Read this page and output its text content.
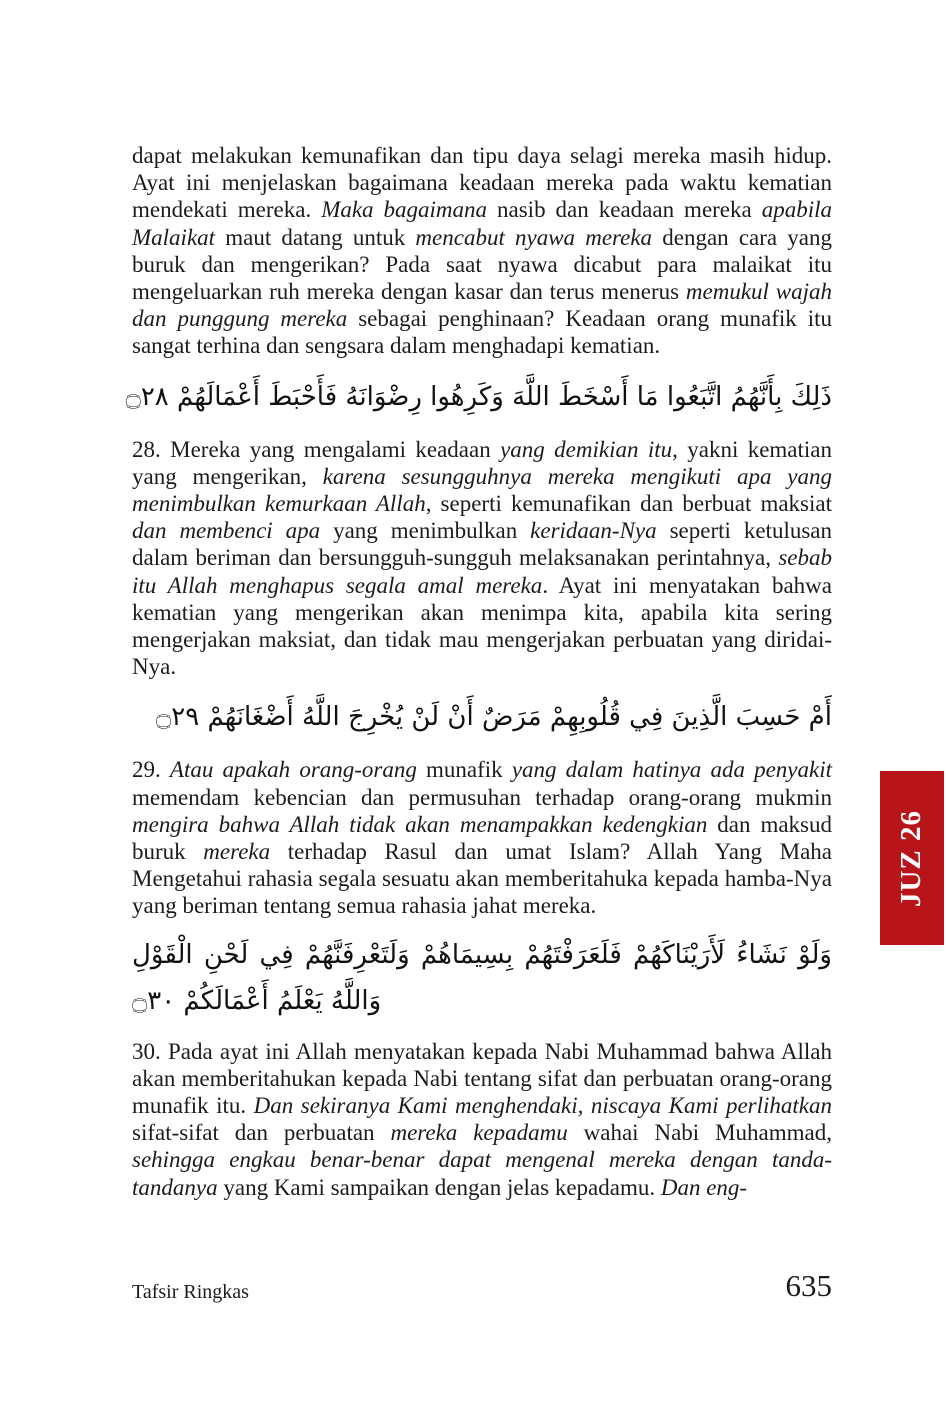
dapat melakukan kemunafikan dan tipu daya selagi mereka masih hidup. Ayat ini menjelaskan bagaimana keadaan mereka pada waktu kematian mendekati mereka. Maka bagaimana nasib dan keadaan mereka apabila Malaikat maut datang untuk mencabut nyawa mereka dengan cara yang buruk dan mengerikan? Pada saat nyawa dicabut para malaikat itu mengeluarkan ruh mereka dengan kasar dan terus menerus memukul wajah dan punggung mereka sebagai penghinaan? Keadaan orang munafik itu sangat terhina dan sengsara dalam menghadapi kematian.

ذَلِكَ بِأَنَّهُمُ اتَّبَعُوا مَا أَسْخَطَ اللَّهَ وَكَرِهُوا رِضْوَانَهُ فَأَحْبَطَ أَعْمَالَهُمْ ۝٢٨

28. Mereka yang mengalami keadaan yang demikian itu, yakni kematian yang mengerikan, karena sesungguhnya mereka mengikuti apa yang menimbulkan kemurkaan Allah, seperti kemunafikan dan berbuat maksiat dan membenci apa yang menimbulkan keridaan-Nya seperti ketulusan dalam beriman dan bersungguh-sungguh melaksanakan perintahnya, sebab itu Allah menghapus segala amal mereka. Ayat ini menyatakan bahwa kematian yang mengerikan akan menimpa kita, apabila kita sering mengerjakan maksiat, dan tidak mau mengerjakan perbuatan yang diridai-Nya.

أَمْ حَسِبَ الَّذِينَ فِي قُلُوبِهِمْ مَرَضٌ أَنْ لَنْ يُخْرِجَ اللَّهُ أَضْغَانَهُمْ ۝٢٩

29. Atau apakah orang-orang munafik yang dalam hatinya ada penyakit memendam kebencian dan permusuhan terhadap orang-orang mukmin mengira bahwa Allah tidak akan menampakkan kedengkian dan maksud buruk mereka terhadap Rasul dan umat Islam? Allah Yang Maha Mengetahui rahasia segala sesuatu akan memberitahuka kepada hamba-Nya yang beriman tentang semua rahasia jahat mereka.

وَلَوْ نَشَاءُ لَأَرَيْنَاكَهُمْ فَلَعَرَفْتَهُمْ بِسِيمَاهُمْ وَلَتَعْرِفَنَّهُمْ فِي لَحْنِ الْقَوْلِ وَاللَّهُ يَعْلَمُ أَعْمَالَكُمْ ۝٣٠

30. Pada ayat ini Allah menyatakan kepada Nabi Muhammad bahwa Allah akan memberitahukan kepada Nabi tentang sifat dan perbuatan orang-orang munafik itu. Dan sekiranya Kami menghendaki, niscaya Kami perlihatkan sifat-sifat dan perbuatan mereka kepadamu wahai Nabi Muhammad, sehingga engkau benar-benar dapat mengenal mereka dengan tanda-tandanya yang Kami sampaikan dengan jelas kepadamu. Dan eng-

JUZ 26
Tafsir Ringkas	635
